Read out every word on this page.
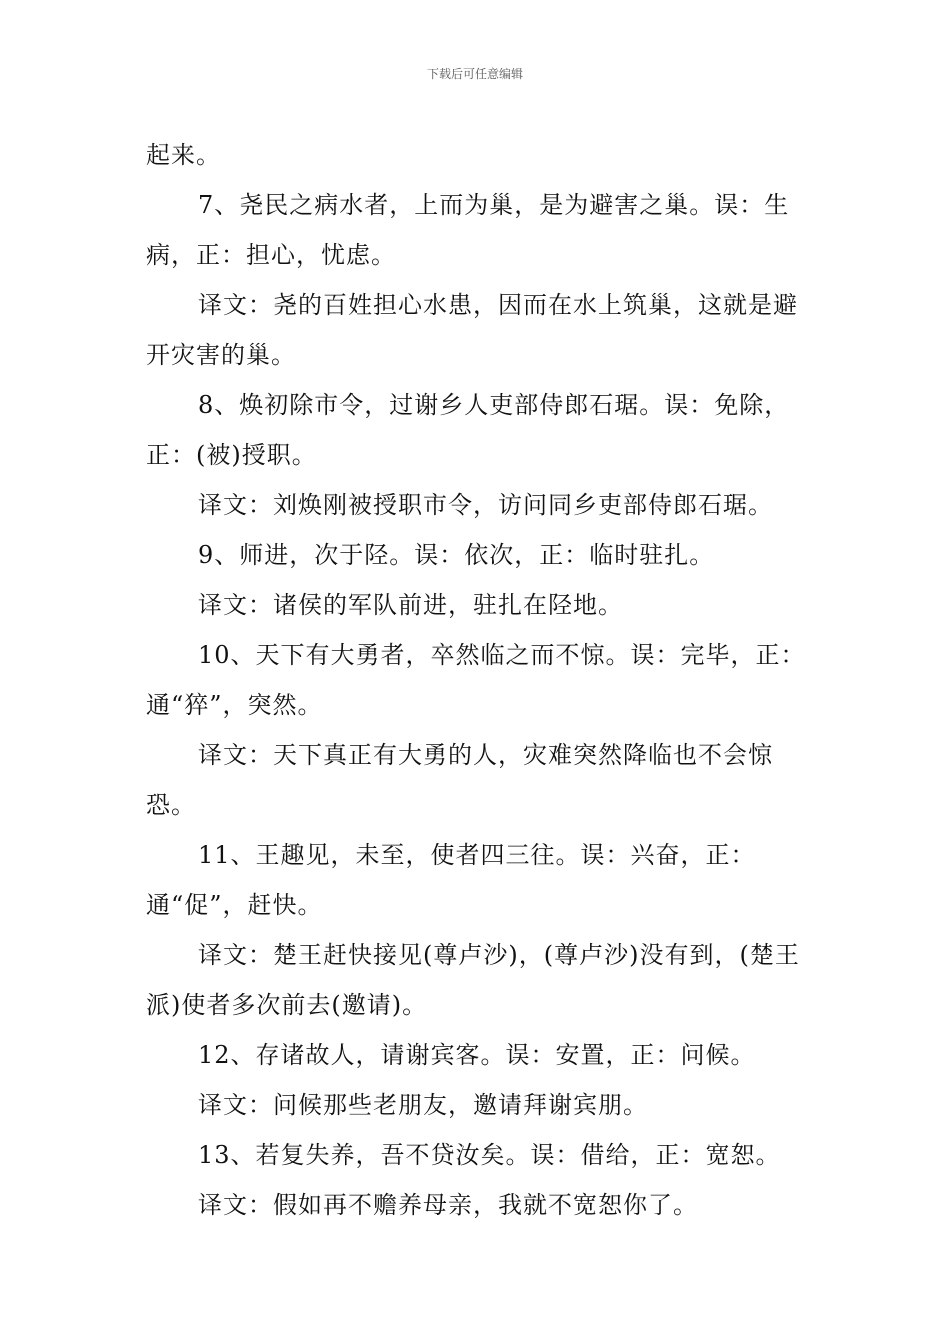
下载后可任意编辑

起来。

7、尧民之病水者，上而为巢，是为避害之巢。误：生病，正：担心，忧虑。

译文：尧的百姓担心水患，因而在水上筑巢，这就是避开灾害的巢。

8、焕初除市令，过谢乡人吏部侍郎石琚。误：免除，正：(被)授职。

译文：刘焕刚被授职市令，访问同乡吏部侍郎石琚。

9、师进，次于陉。误：依次，正：临时驻扎。

译文：诸侯的军队前进，驻扎在陉地。

10、天下有大勇者，卒然临之而不惊。误：完毕，正：通“猝”，突然。

译文：天下真正有大勇的人，灾难突然降临也不会惊恐。

11、王趣见，未至，使者四三往。误：兴奋，正：通“促”，赶快。

译文：楚王赶快接见(尊卢沙)，(尊卢沙)没有到，(楚王派)使者多次前去(邀请)。

12、存诸故人，请谢宾客。误：安置，正：问候。

译文：问候那些老朋友，邀请拜谢宾朋。

13、若复失养，吾不贷汝矣。误：借给，正：宽恕。

译文：假如再不赡养母亲，我就不宽恕你了。
